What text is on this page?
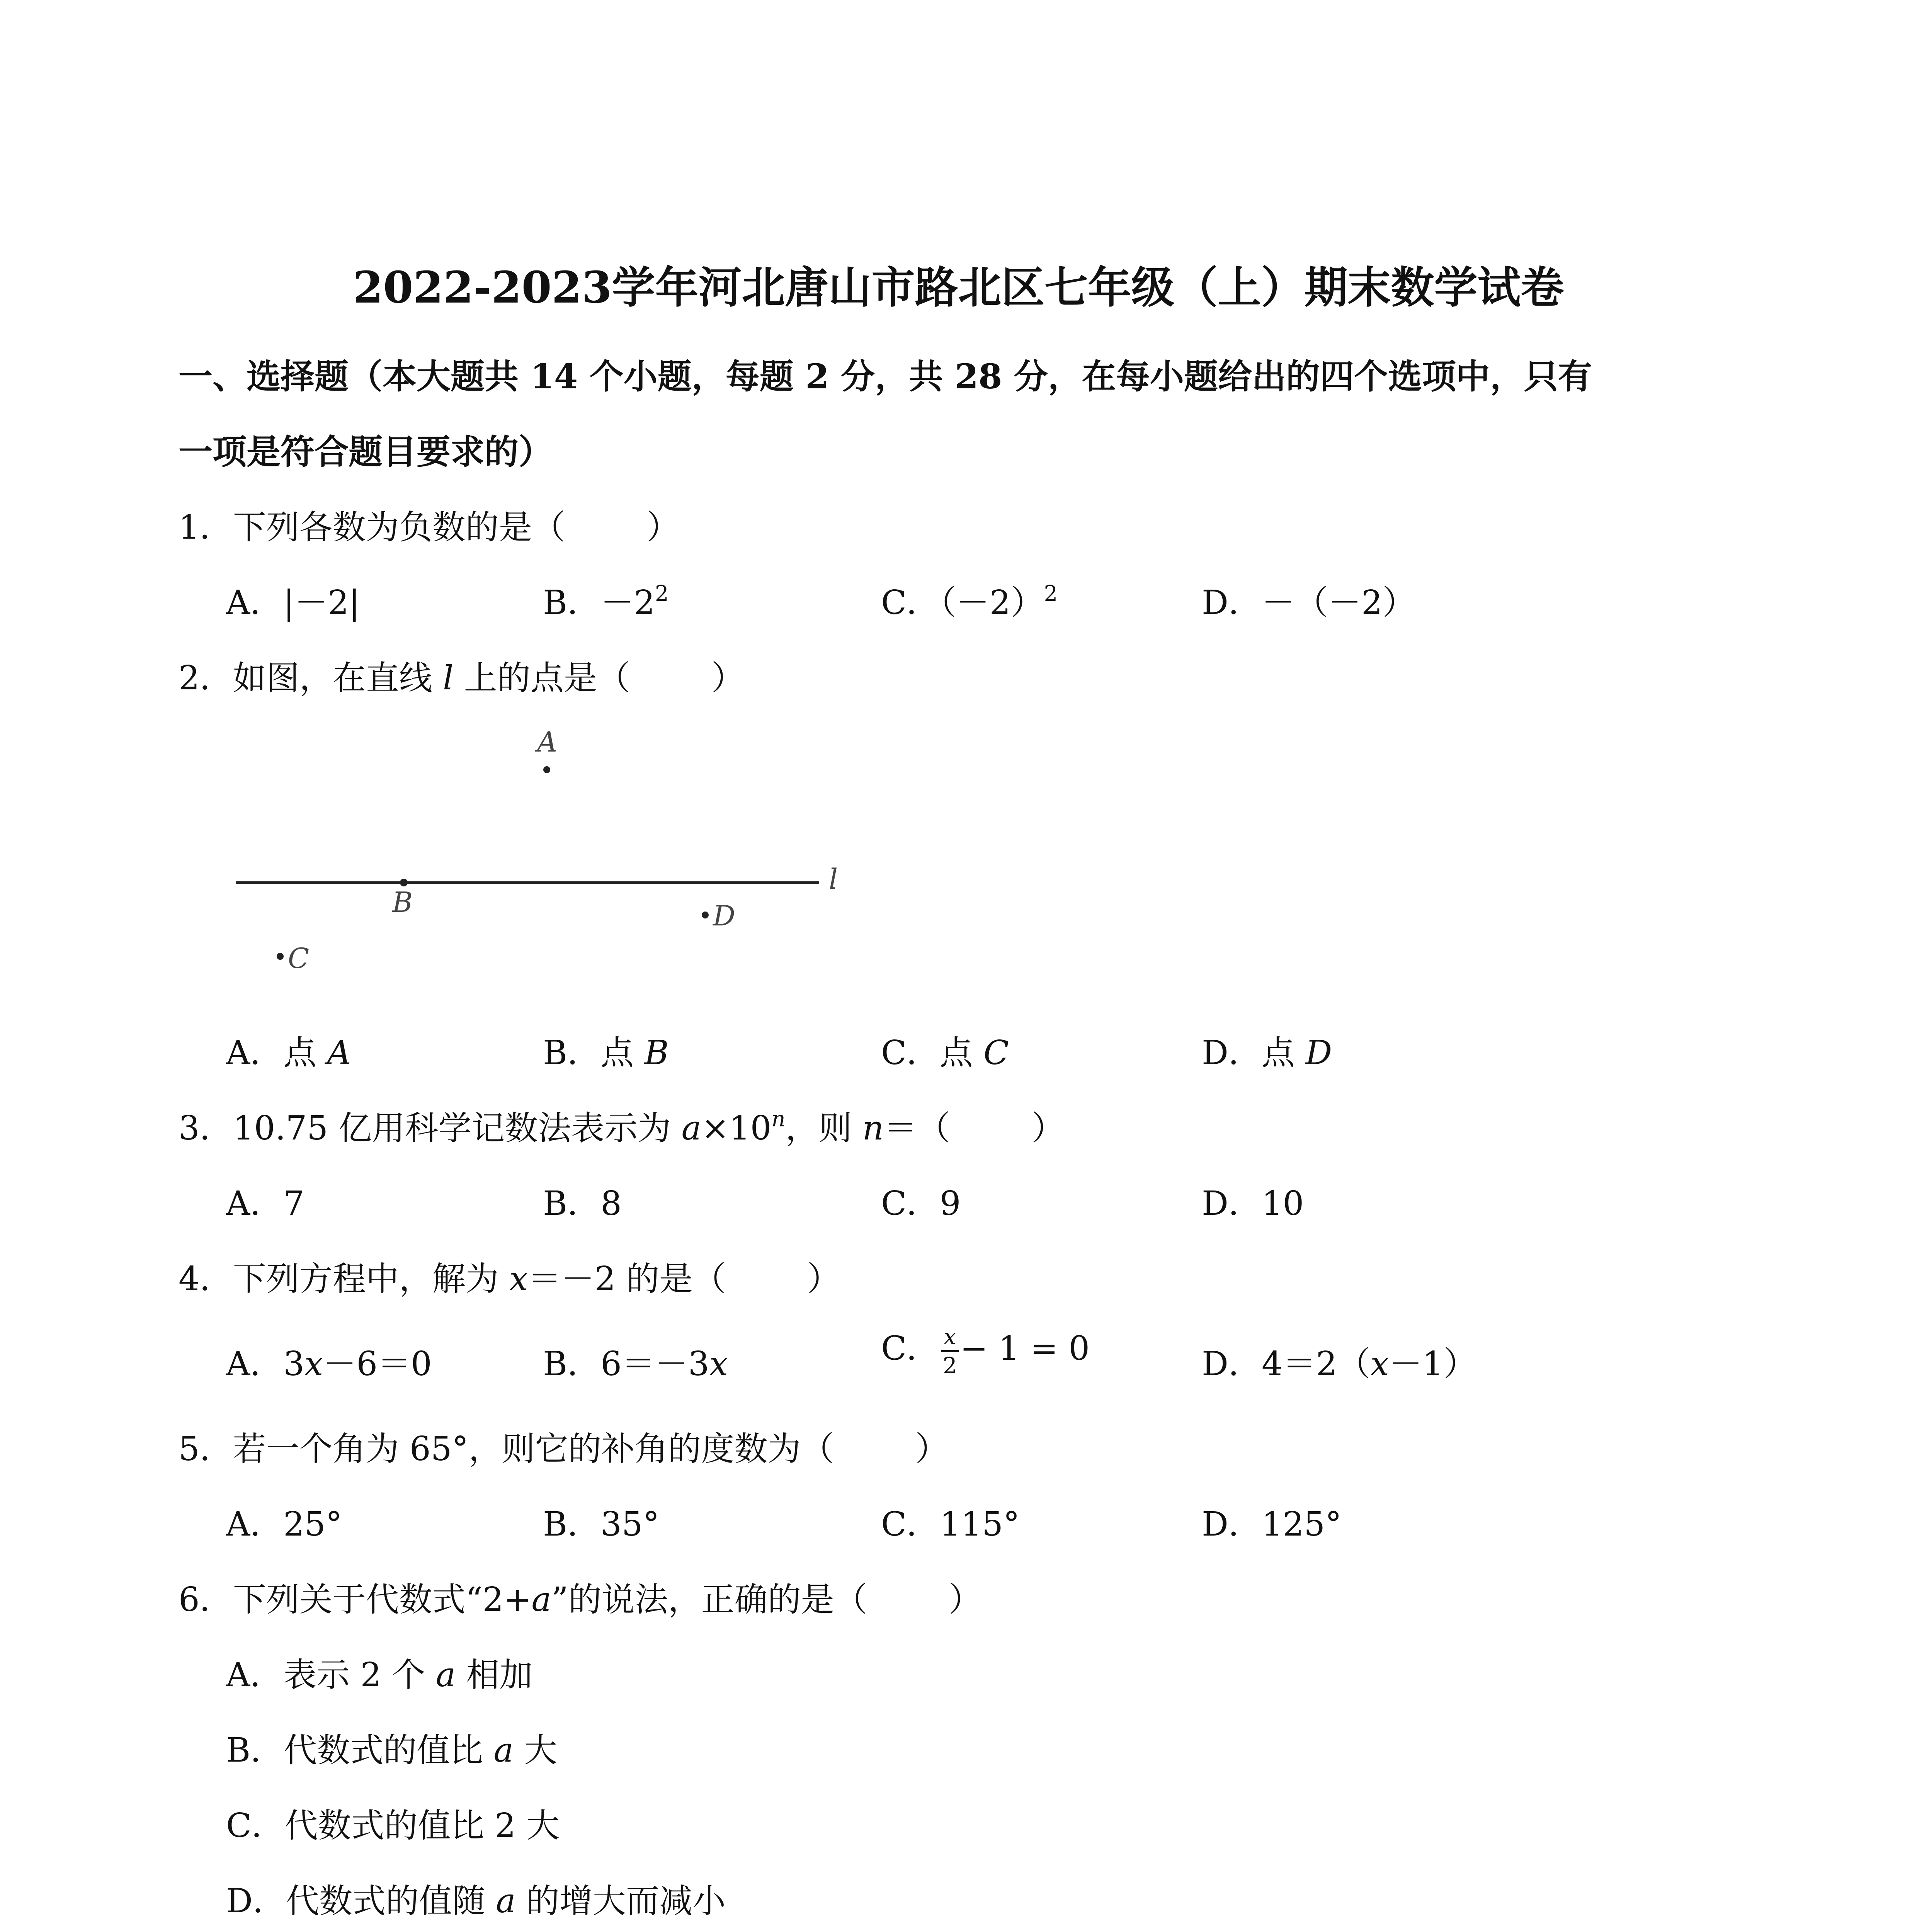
2022-2023学年河北唐山市路北区七年级（上）期末数学试卷
一、选择题（本大题共 14 个小题，每题 2 分，共 28 分，在每小题给出的四个选项中，只有
一项是符合题目要求的）
1．下列各数为负数的是（ ）
A．|－2|	B．$-2^2$	C．$(-2)^2$	D．－（－2）
2．如图，在直线 l 上的点是（ ）
A
B	D
C
l
A．点 A	B．点 B	C．点 C	D．点 D
3．10.75 亿用科学记数法表示为 $a\times 10^n$，则 n＝（ ）
A．7	B．8	C．9	D．10
4．下列方程中，解为 x＝－2 的是（ ）
A．3x－6＝0	B．6＝－3x	C． $\frac{x}{2} - 1 = 0$	D．4＝2（x－1）
5．若一个角为 65°，则它的补角的度数为（ ）
A．25°	B．35°	C．115°	D．125°
6．下列关于代数式“2+a”的说法，正确的是（ ）
A．表示 2 个 a 相加
B．代数式的值比 a 大
C．代数式的值比 2 大
D．代数式的值随 a 的增大而减小
